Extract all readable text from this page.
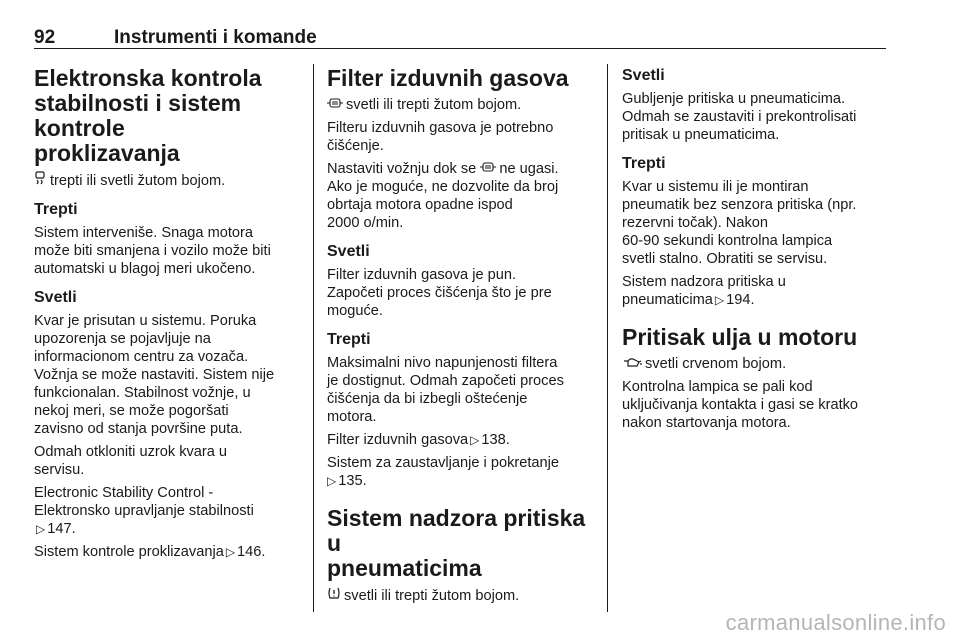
92	Instrumenti i komande
Elektronska kontrola
stabilnosti i sistem kontrole
proklizavanja

trepti ili svetli žutom bojom.

Trepti

Sistem interveniše. Snaga motora
može biti smanjena i vozilo može biti
automatski u blagoj meri ukočeno.

Svetli

Kvar je prisutan u sistemu. Poruka
upozorenja se pojavljuje na
informacionom centru za vozača.
Vožnja se može nastaviti. Sistem nije
funkcionalan. Stabilnost vožnje, u
nekoj meri, se može pogoršati
zavisno od stanja površine puta.

Odmah otkloniti uzrok kvara u
servisu.

Electronic Stability Control -
Elektronsko upravljanje stabilnosti
▷ 147.

Sistem kontrole proklizavanja ▷ 146.

Filter izduvnih gasova

svetli ili trepti žutom bojom.

Filteru izduvnih gasova je potrebno
čišćenje.

Nastaviti vožnju dok se ne ugasi.
Ako je moguće, ne dozvolite da broj
obrtaja motora opadne ispod
2000 o/min.

Svetli

Filter izduvnih gasova je pun.
Započeti proces čišćenja što je pre
moguće.

Trepti

Maksimalni nivo napunjenosti filtera
je dostignut. Odmah započeti proces
čišćenja da bi izbegli oštećenje
motora.

Filter izduvnih gasova ▷ 138.

Sistem za zaustavljanje i pokretanje
▷ 135.

Sistem nadzora pritiska u
pneumaticima

svetli ili trepti žutom bojom.

Svetli

Gubljenje pritiska u pneumaticima.
Odmah se zaustaviti i prekontrolisati
pritisak u pneumaticima.

Trepti

Kvar u sistemu ili je montiran
pneumatik bez senzora pritiska (npr.
rezervni točak). Nakon
60-90 sekundi kontrolna lampica
svetli stalno. Obratiti se servisu.

Sistem nadzora pritiska u
pneumaticima ▷ 194.

Pritisak ulja u motoru

svetli crvenom bojom.

Kontrolna lampica se pali kod
uključivanja kontakta i gasi se kratko
nakon startovanja motora.

carmanualsonline.info
